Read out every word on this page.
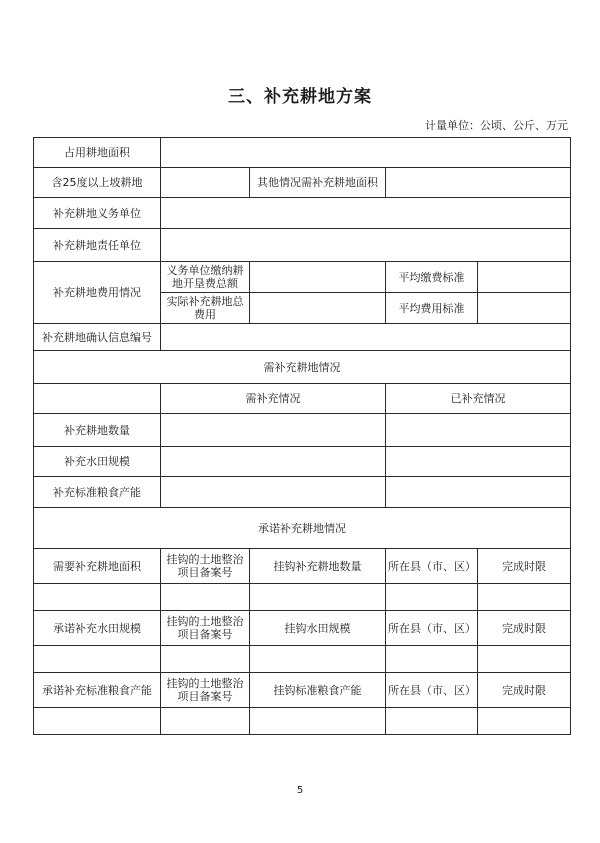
三、补充耕地方案
计量单位：公顷、公斤、万元
占用耕地面积				
含25度以上坡耕地		其他情况需补充耕地面积		
补充耕地义务单位				
补充耕地责任单位				
补充耕地费用情况	义务单位缴纳耕地开垦费总额		平均缴费标准	
	实际补充耕地总费用		平均费用标准	
补充耕地确认信息编号				
需补充耕地情况				
	需补充情况		已补充情况	
补充耕地数量				
补充水田规模				
补充标准粮食产能				
承诺补充耕地情况				
需要补充耕地面积	挂钩的土地整治项目备案号	挂钩补充耕地数量	所在县（市、区）	完成时限

承诺补充水田规模	挂钩的土地整治项目备案号	挂钩水田规模	所在县（市、区）	完成时限

承诺补充标准粮食产能	挂钩的土地整治项目备案号	挂钩标准粮食产能	所在县（市、区）	完成时限

5
